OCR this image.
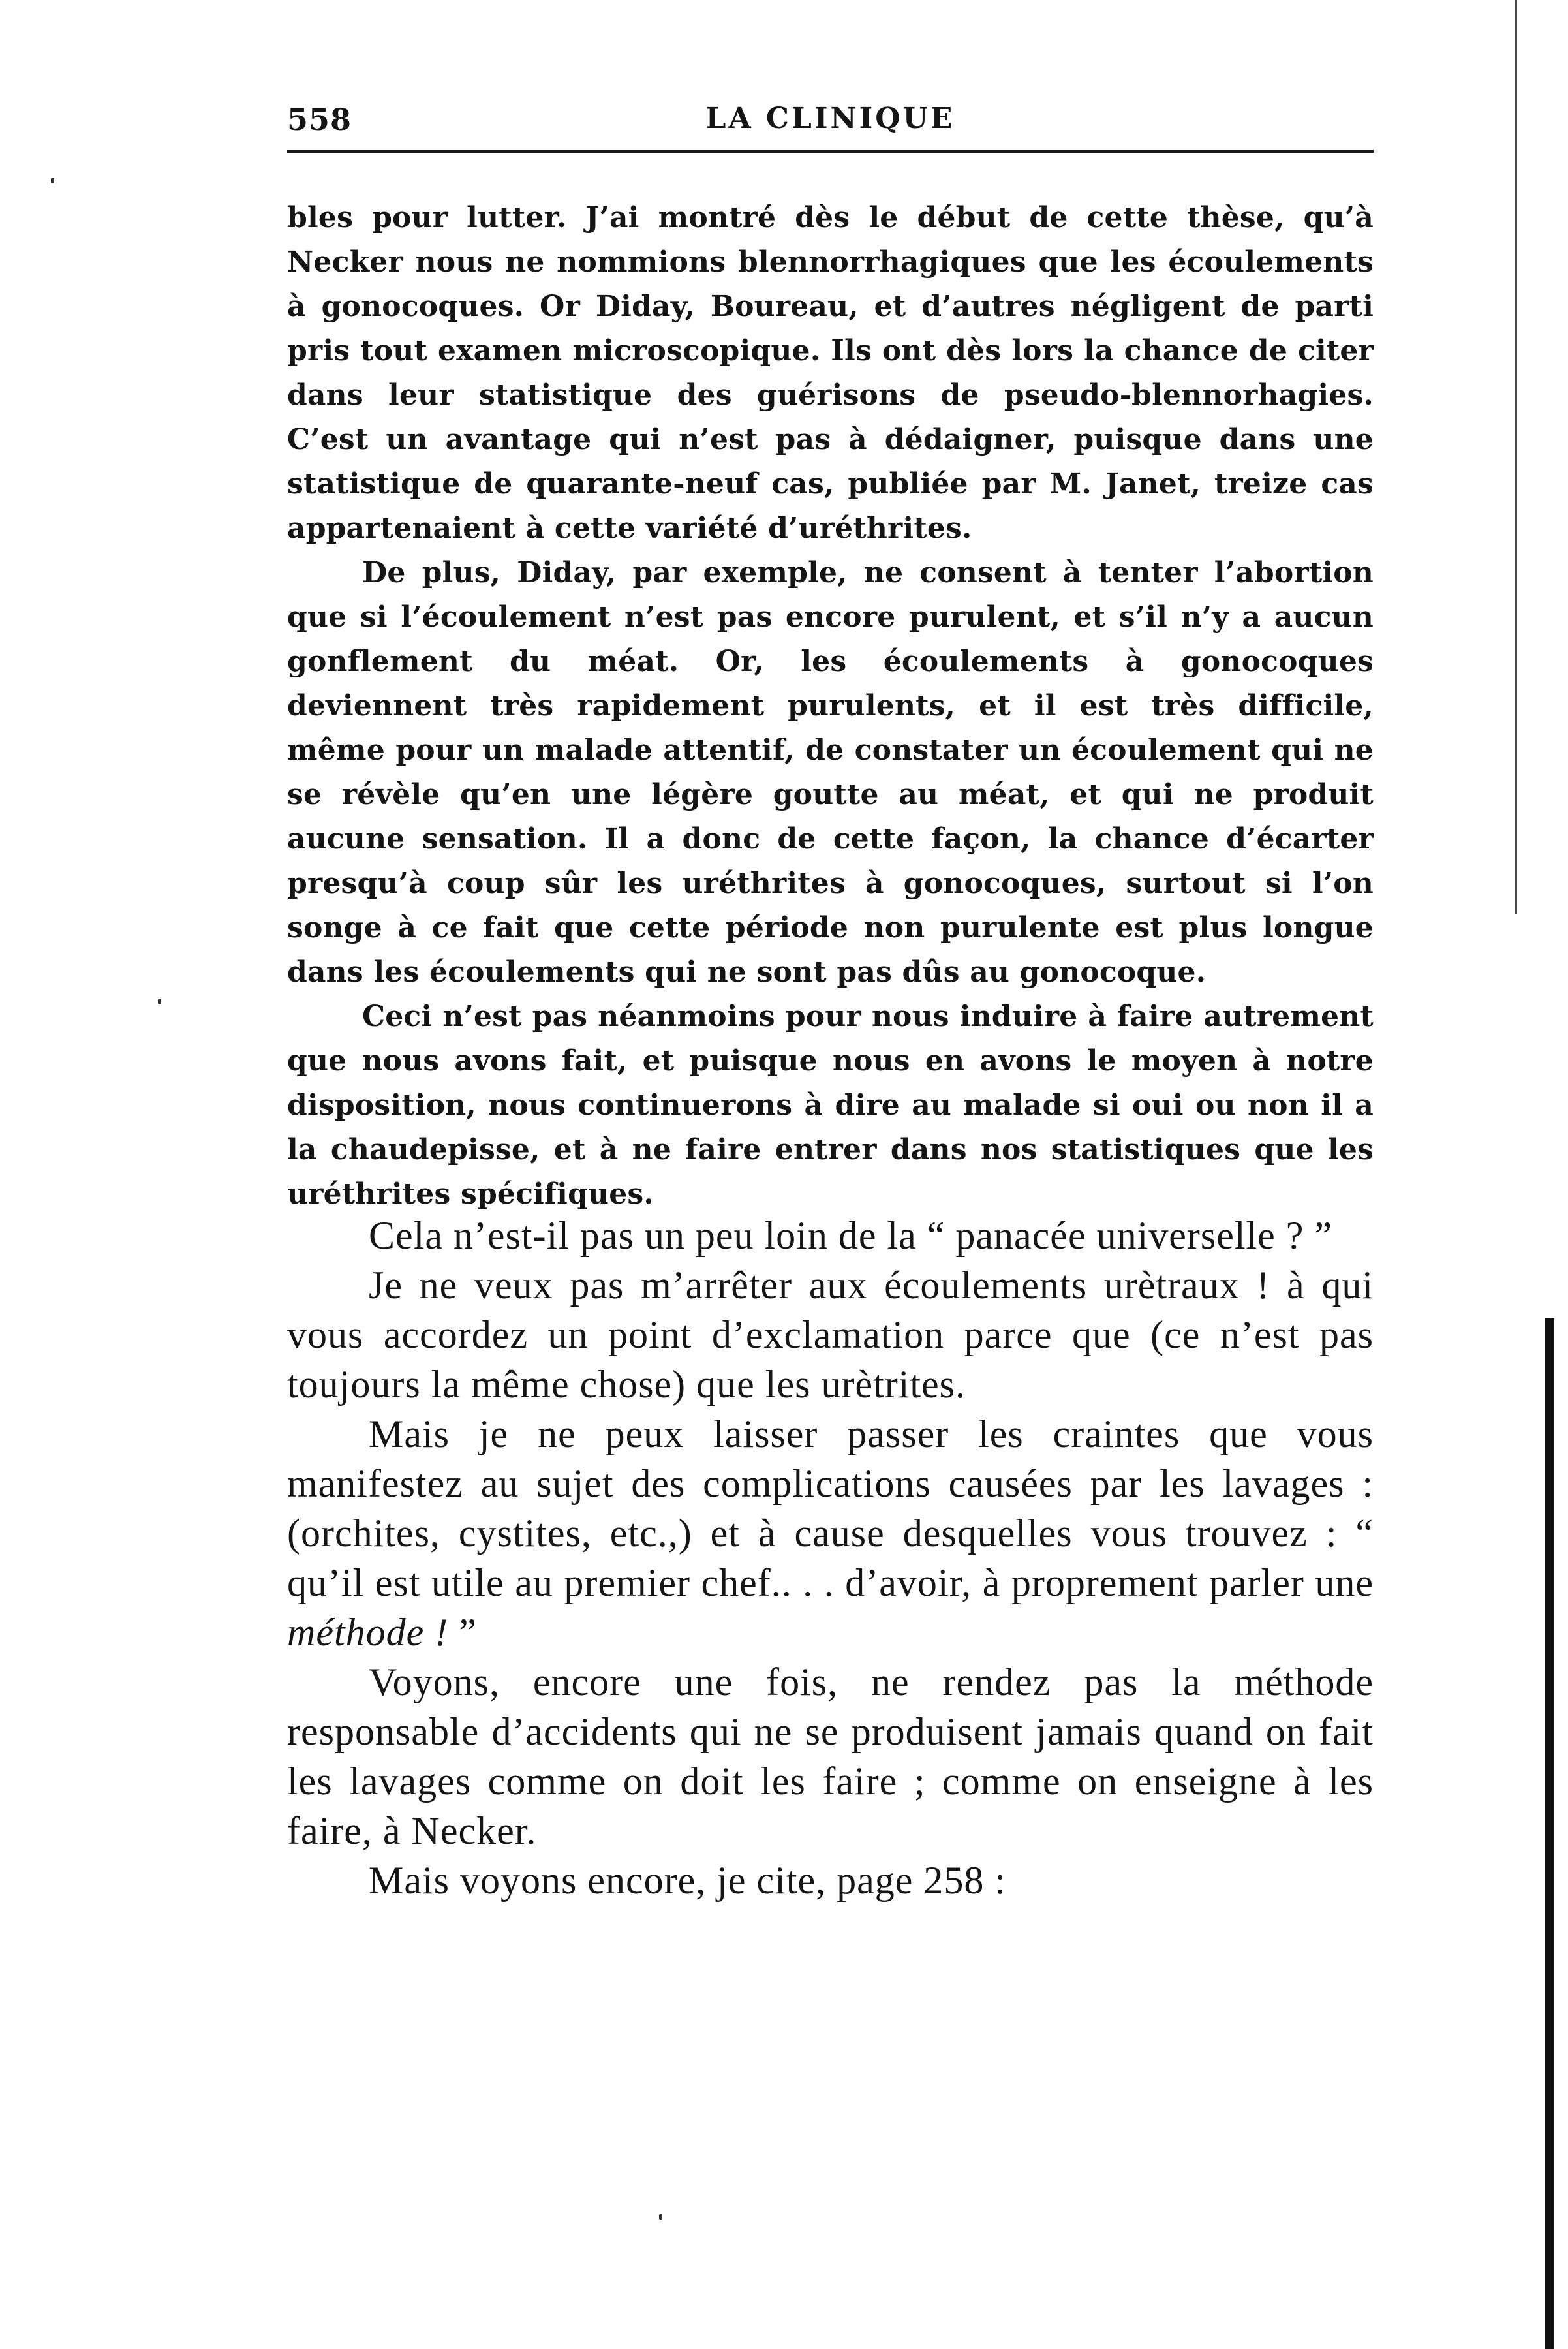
558	LA CLINIQUE

bles pour lutter. J’ai montré dès le début de cette thèse, qu’à Necker nous ne nommions blennorrhagiques que les écoulements à gonocoques. Or Diday, Boureau, et d’autres négligent de parti pris tout examen microscopique. Ils ont dès lors la chance de citer dans leur statistique des guérisons de pseudo-blennorhagies. C’est un avantage qui n’est pas à dédaigner, puisque dans une statistique de quarante-neuf cas, publiée par M. Janet, treize cas appartenaient à cette variété d’uréthrites.

De plus, Diday, par exemple, ne consent à tenter l’abortion que si l’écoulement n’est pas encore purulent, et s’il n’y a aucun gonflement du méat. Or, les écoulements à gonocoques deviennent très rapidement purulents, et il est très difficile, même pour un malade attentif, de constater un écoulement qui ne se révèle qu’en une légère goutte au méat, et qui ne produit aucune sensation. Il a donc de cette façon, la chance d’écarter presqu’à coup sûr les uréthrites à gonocoques, surtout si l’on songe à ce fait que cette période non purulente est plus longue dans les écoulements qui ne sont pas dûs au gonocoque.

Ceci n’est pas néanmoins pour nous induire à faire autrement que nous avons fait, et puisque nous en avons le moyen à notre disposition, nous continuerons à dire au malade si oui ou non il a la chaudepisse, et à ne faire entrer dans nos statistiques que les uréthrites spécifiques.

Cela n’est-il pas un peu loin de la “ panacée universelle ? ”

Je ne veux pas m’arrêter aux écoulements urètraux ! à qui vous accordez un point d’exclamation parce que (ce n’est pas toujours la même chose) que les urètrites.

Mais je ne peux laisser passer les craintes que vous manifestez au sujet des complications causées par les lavages : (orchites, cystites, etc.,) et à cause desquelles vous trouvez : “ qu’il est utile au premier chef.. . . d’avoir, à proprement parler une méthode ! ”

Voyons, encore une fois, ne rendez pas la méthode responsable d’accidents qui ne se produisent jamais quand on fait les lavages comme on doit les faire ; comme on enseigne à les faire, à Necker.

Mais voyons encore, je cite, page 258 :
